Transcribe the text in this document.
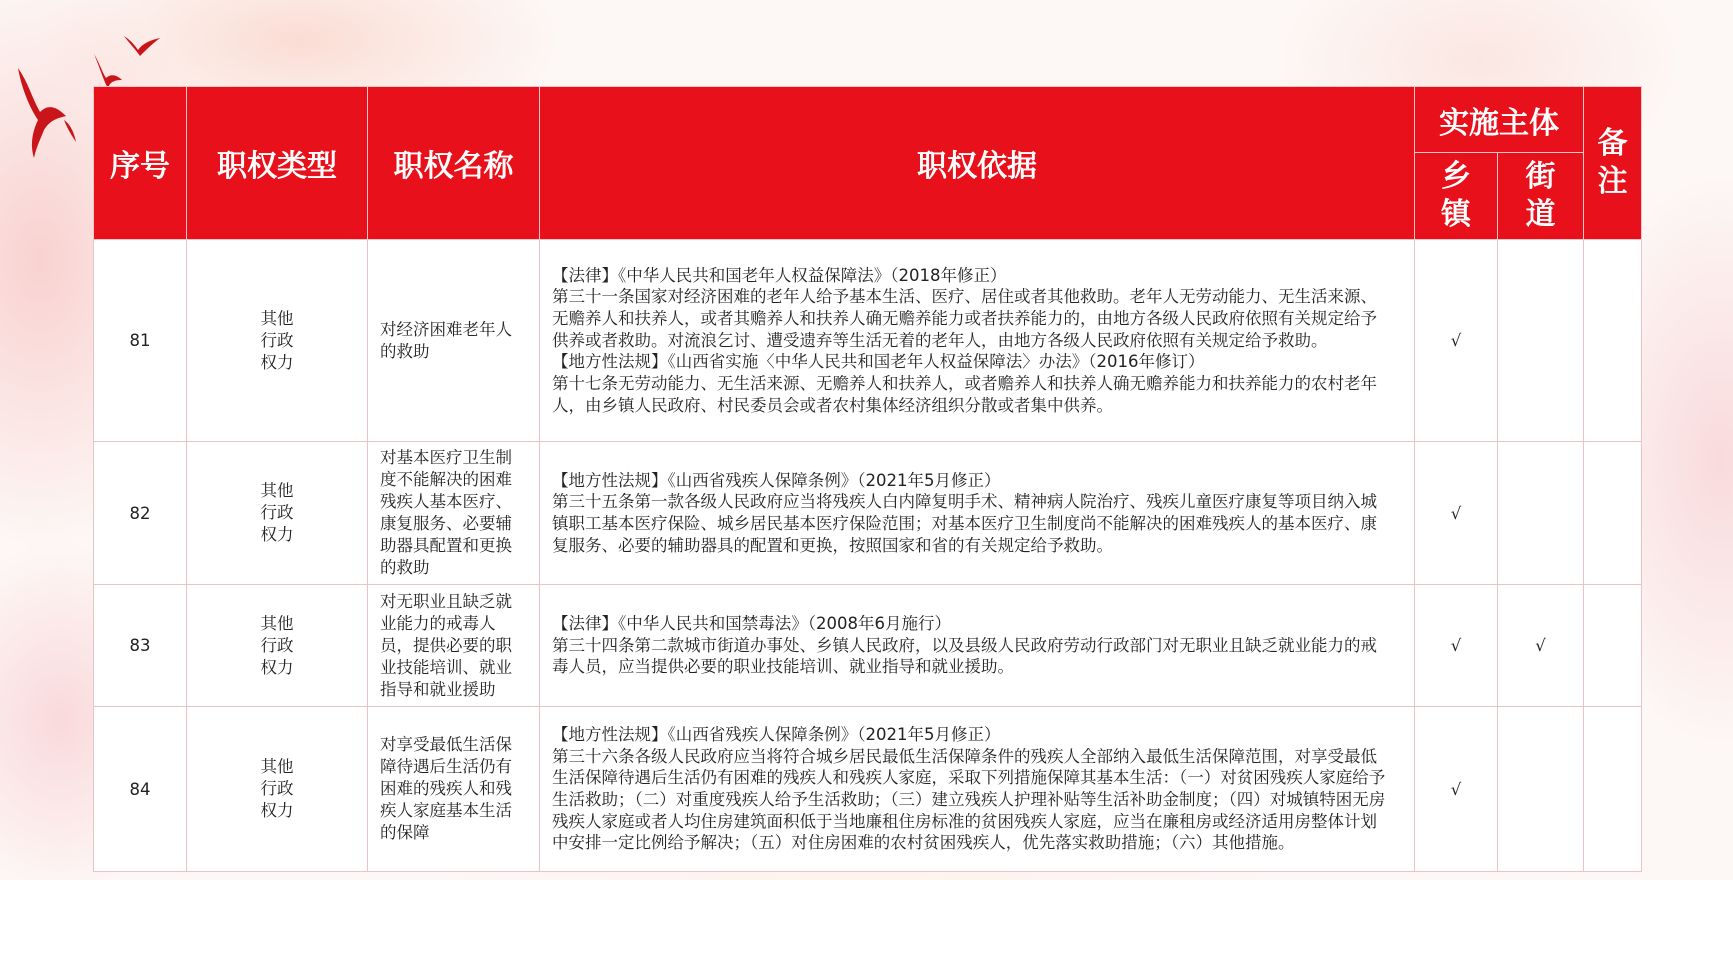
序号	职权类型	职权名称	职权依据	实施主体		备注
				乡镇	街道	
81	其他行政权力	对经济困难老年人的救助	【法律】《中华人民共和国老年人权益保障法》（2018年修正）
第三十一条国家对经济困难的老年人给予基本生活、医疗、居住或者其他救助。老年人无劳动能力、无生活来源、无赡养人和扶养人，或者其赡养人和扶养人确无赡养能力或者扶养能力的，由地方各级人民政府依照有关规定给予供养或者救助。对流浪乞讨、遭受遗弃等生活无着的老年人，由地方各级人民政府依照有关规定给予救助。
【地方性法规】《山西省实施〈中华人民共和国老年人权益保障法〉办法》（2016年修订）
第十七条无劳动能力、无生活来源、无赡养人和扶养人，或者赡养人和扶养人确无赡养能力和扶养能力的农村老年人，由乡镇人民政府、村民委员会或者农村集体经济组织分散或者集中供养。	√		
82	其他行政权力	对基本医疗卫生制度不能解决的困难残疾人基本医疗、康复服务、必要辅助器具配置和更换的救助	【地方性法规】《山西省残疾人保障条例》（2021年5月修正）
第三十五条第一款各级人民政府应当将残疾人白内障复明手术、精神病人院治疗、残疾儿童医疗康复等项目纳入城镇职工基本医疗保险、城乡居民基本医疗保险范围；对基本医疗卫生制度尚不能解决的困难残疾人的基本医疗、康复服务、必要的辅助器具的配置和更换，按照国家和省的有关规定给予救助。	√		
83	其他行政权力	对无职业且缺乏就业能力的戒毒人员，提供必要的职业技能培训、就业指导和就业援助	【法律】《中华人民共和国禁毒法》（2008年6月施行）
第三十四条第二款城市街道办事处、乡镇人民政府，以及县级人民政府劳动行政部门对无职业且缺乏就业能力的戒毒人员，应当提供必要的职业技能培训、就业指导和就业援助。	√	√	
84	其他行政权力	对享受最低生活保障待遇后生活仍有困难的残疾人和残疾人家庭基本生活的保障	【地方性法规】《山西省残疾人保障条例》（2021年5月修正）
第三十六条各级人民政府应当将符合城乡居民最低生活保障条件的残疾人全部纳入最低生活保障范围，对享受最低生活保障待遇后生活仍有困难的残疾人和残疾人家庭，采取下列措施保障其基本生活：（一）对贫困残疾人家庭给予生活救助；（二）对重度残疾人给予生活救助；（三）建立残疾人护理补贴等生活补助金制度；（四）对城镇特困无房残疾人家庭或者人均住房建筑面积低于当地廉租住房标准的贫困残疾人家庭，应当在廉租房或经济适用房整体计划中安排一定比例给予解决；（五）对住房困难的农村贫困残疾人，优先落实救助措施；（六）其他措施。	√		
